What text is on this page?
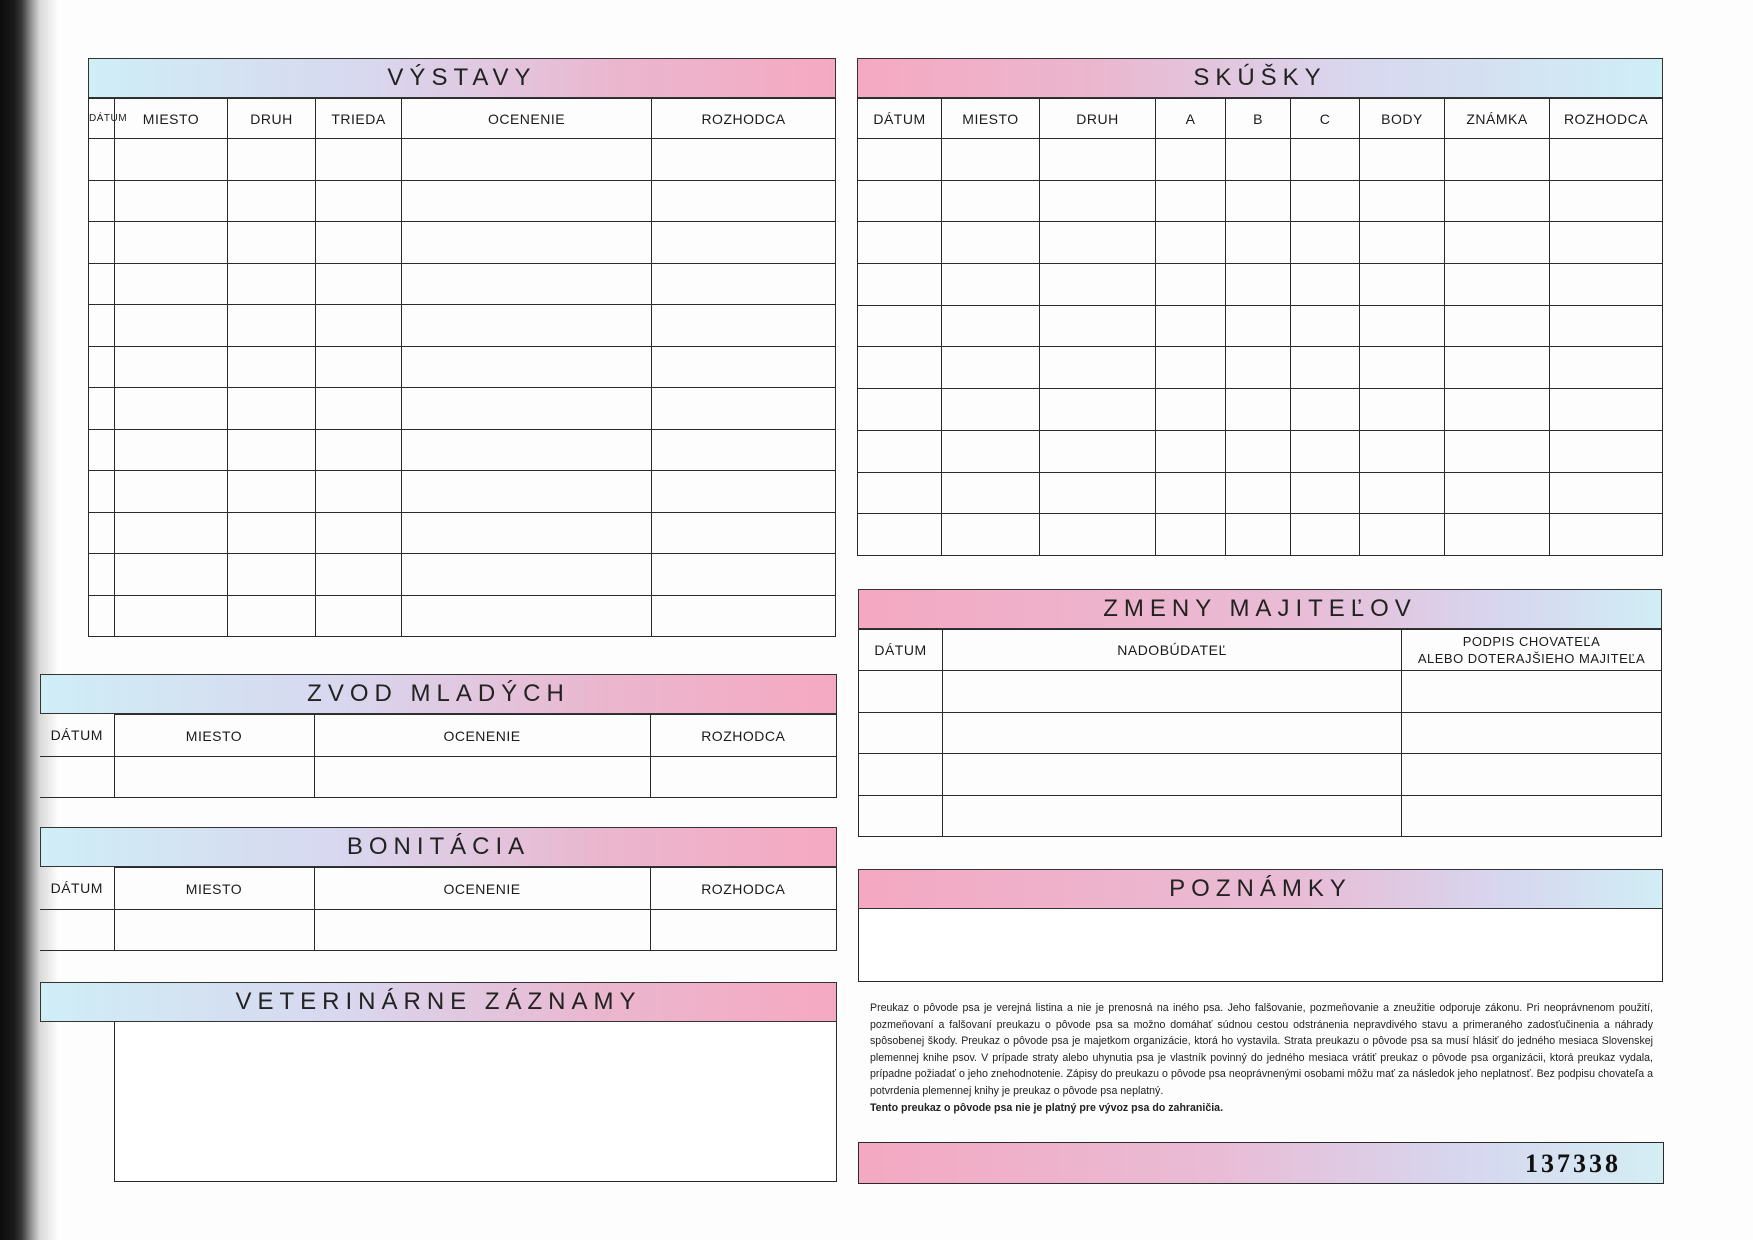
VÝSTAVY
DÁTUM	MIESTO	DRUH	TRIEDA	OCENENIE	ROZHODCA

SKÚŠKY
DÁTUM	MIESTO	DRUH	A	B	C	BODY	ZNÁMKA	ROZHODCA

ZVOD MLADÝCH
DÁTUM	MIESTO	OCENENIE	ROZHODCA

BONITÁCIA
DÁTUM	MIESTO	OCENENIE	ROZHODCA

VETERINÁRNE ZÁZNAMY
ZMENY MAJITEĽOV
DÁTUM	NADOBÚDATEĽ	PODPIS CHOVATEĽA
ALEBO DOTERAJŠIEHO MAJITEĽA

POZNÁMKY
Preukaz o pôvode psa je verejná listina a nie je prenosná na iného psa. Jeho falšovanie, pozmeňovanie a zneužitie odporuje zákonu. Pri neoprávnenom použití, pozmeňovaní a falšovaní preukazu o pôvode psa sa možno domáhať súdnou cestou odstránenia nepravdivého stavu a primeraného zadosťučinenia a náhrady spôsobenej škody. Preukaz o pôvode psa je majetkom organizácie, ktorá ho vystavila. Strata preukazu o pôvode psa sa musí hlásiť do jedného mesiaca Slovenskej plemennej knihe psov. V prípade straty alebo uhynutia psa je vlastník povinný do jedného mesiaca vrátiť preukaz o pôvode psa organizácii, ktorá preukaz vydala, prípadne požiadať o jeho znehodnotenie. Zápisy do preukazu o pôvode psa neoprávnenými osobami môžu mať za následok jeho neplatnosť. Bez podpisu chovateľa a potvrdenia plemennej knihy je preukaz o pôvode psa neplatný.
Tento preukaz o pôvode psa nie je platný pre vývoz psa do zahraničia.
137338
